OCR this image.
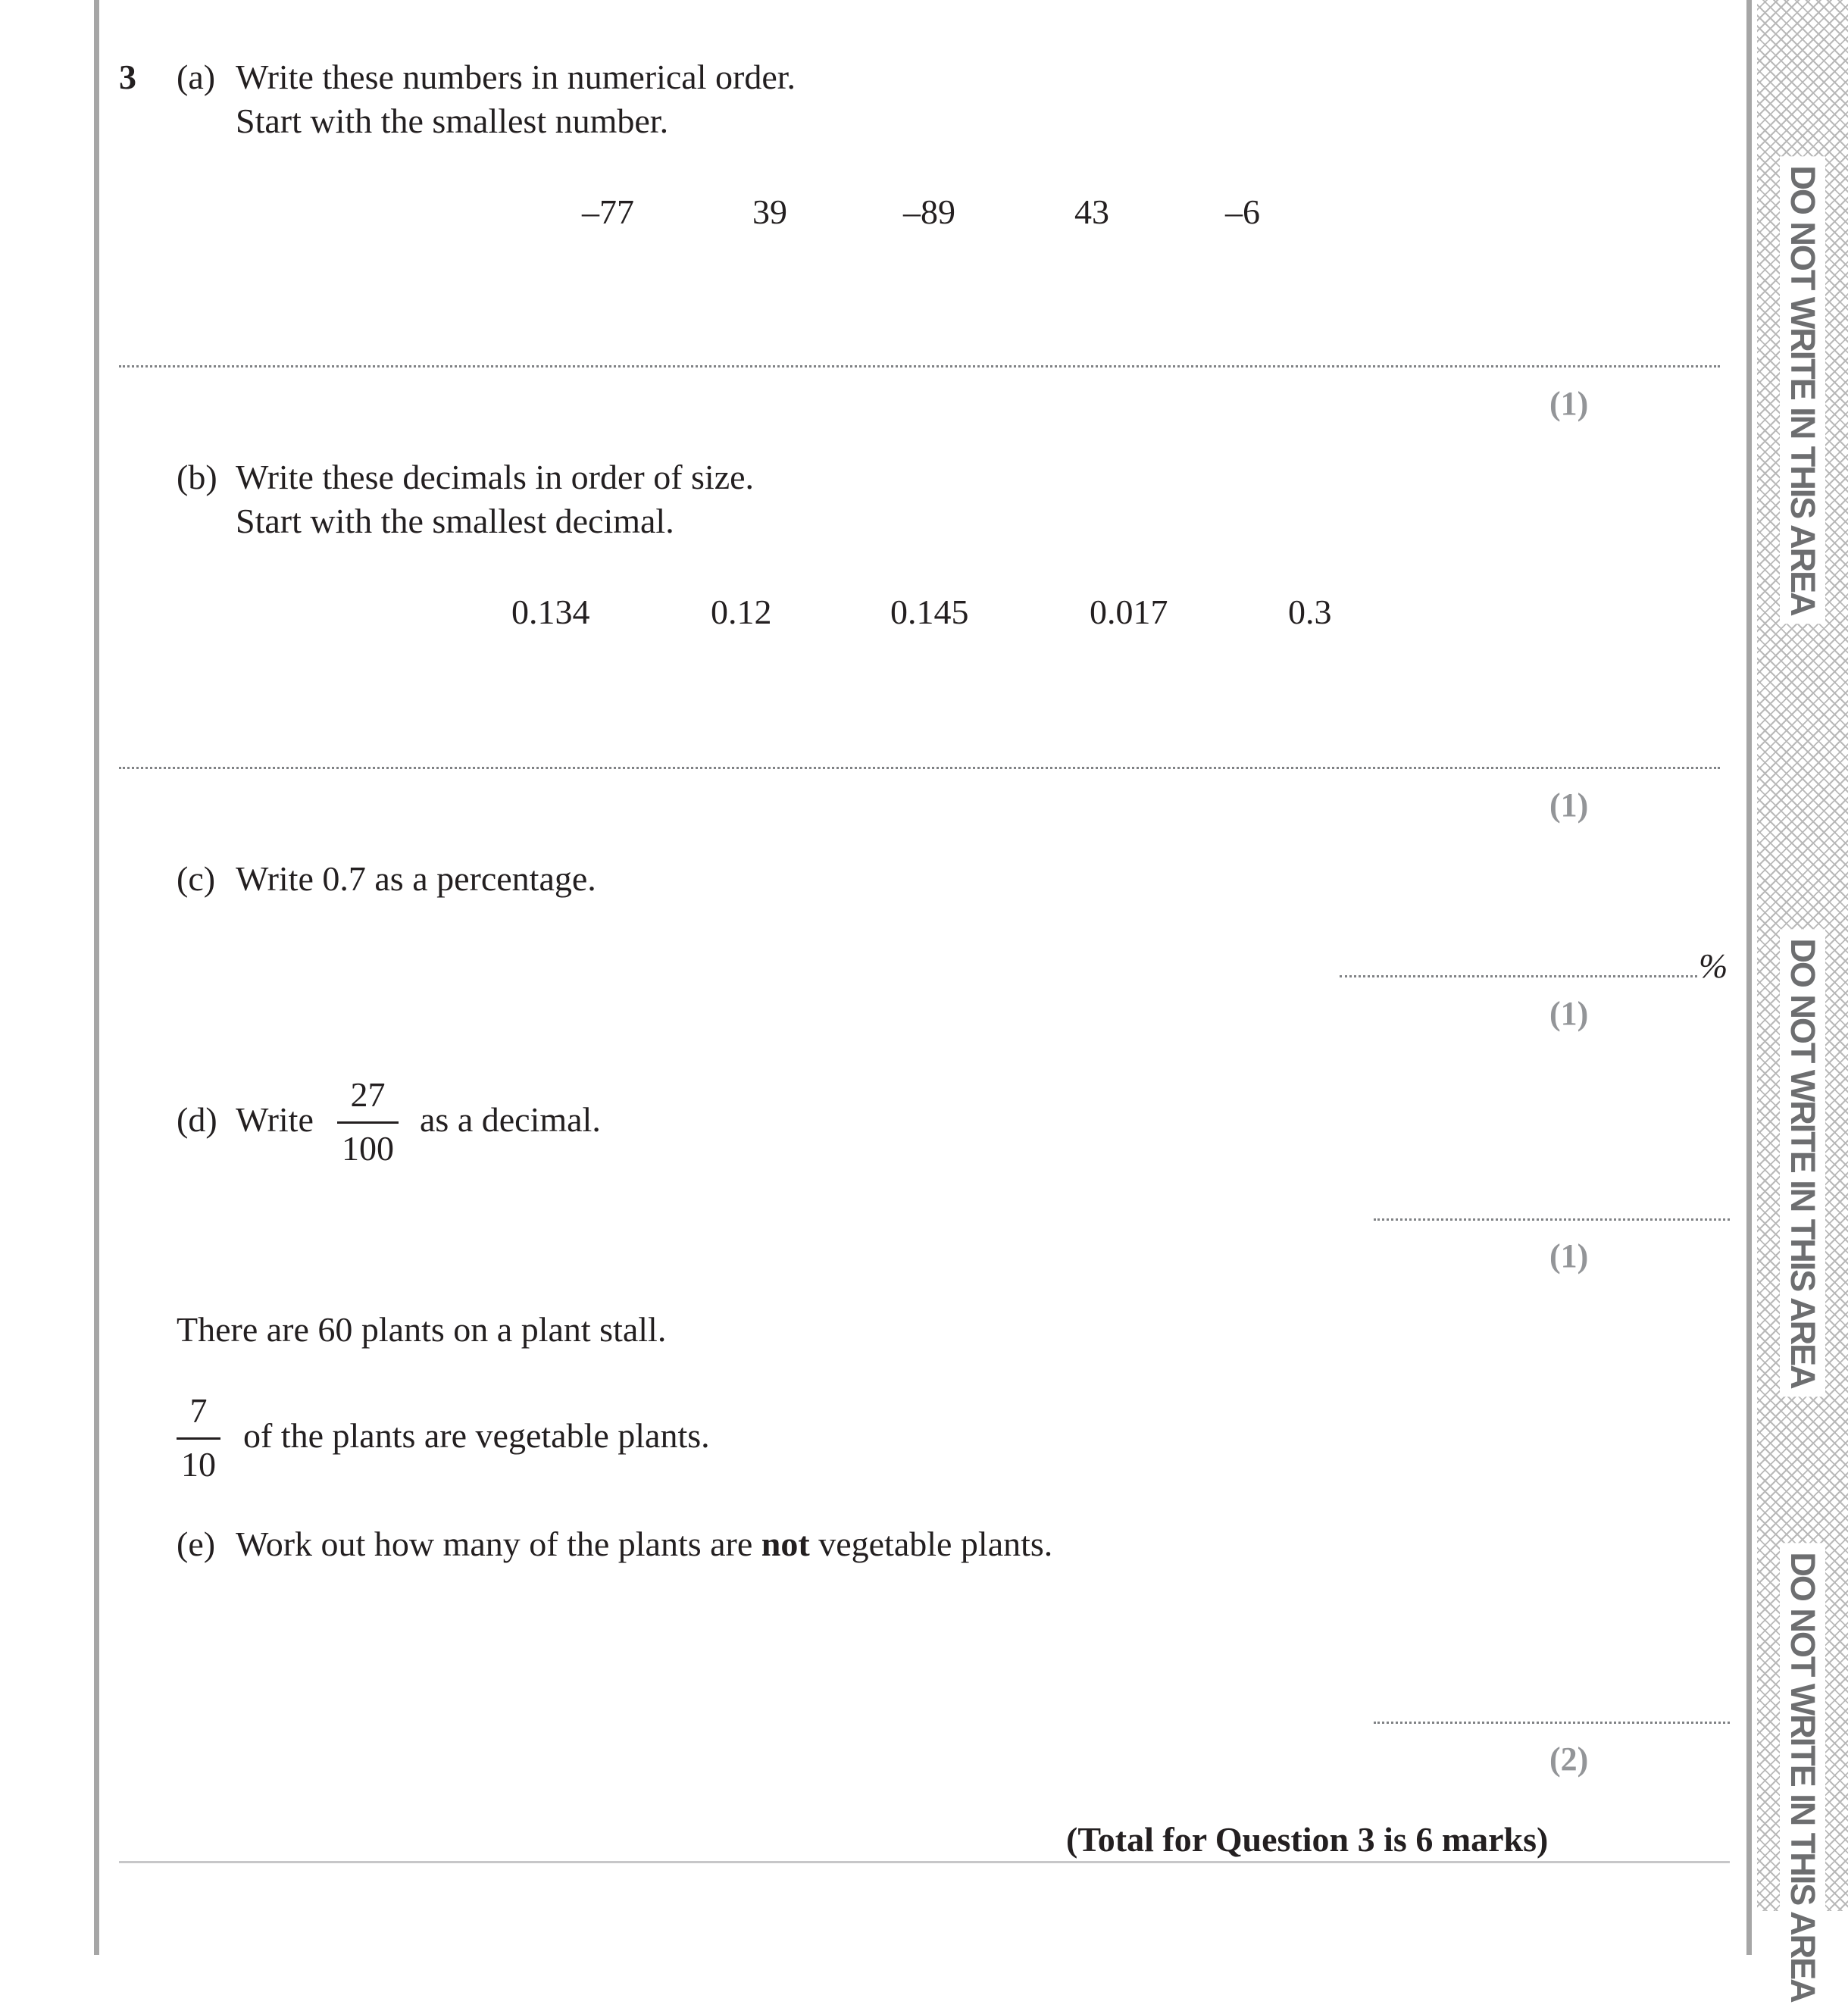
DO NOT WRITE IN THIS AREA
DO NOT WRITE IN THIS AREA
DO NOT WRITE IN THIS AREA
3 (a) Write these numbers in numerical order.
Start with the smallest number.
–77	39	–89	43	–6
(1)
(b) Write these decimals in order of size.
Start with the smallest decimal.
0.134	0.12	0.145	0.017	0.3
(1)
(c) Write 0.7 as a percentage.
%
(1)
(d) Write
27
100
as a decimal.
(1)
There are 60 plants on a plant stall.
7
10
of the plants are vegetable plants.
(e) Work out how many of the plants are not vegetable plants.
(2)
(Total for Question 3 is 6 marks)
